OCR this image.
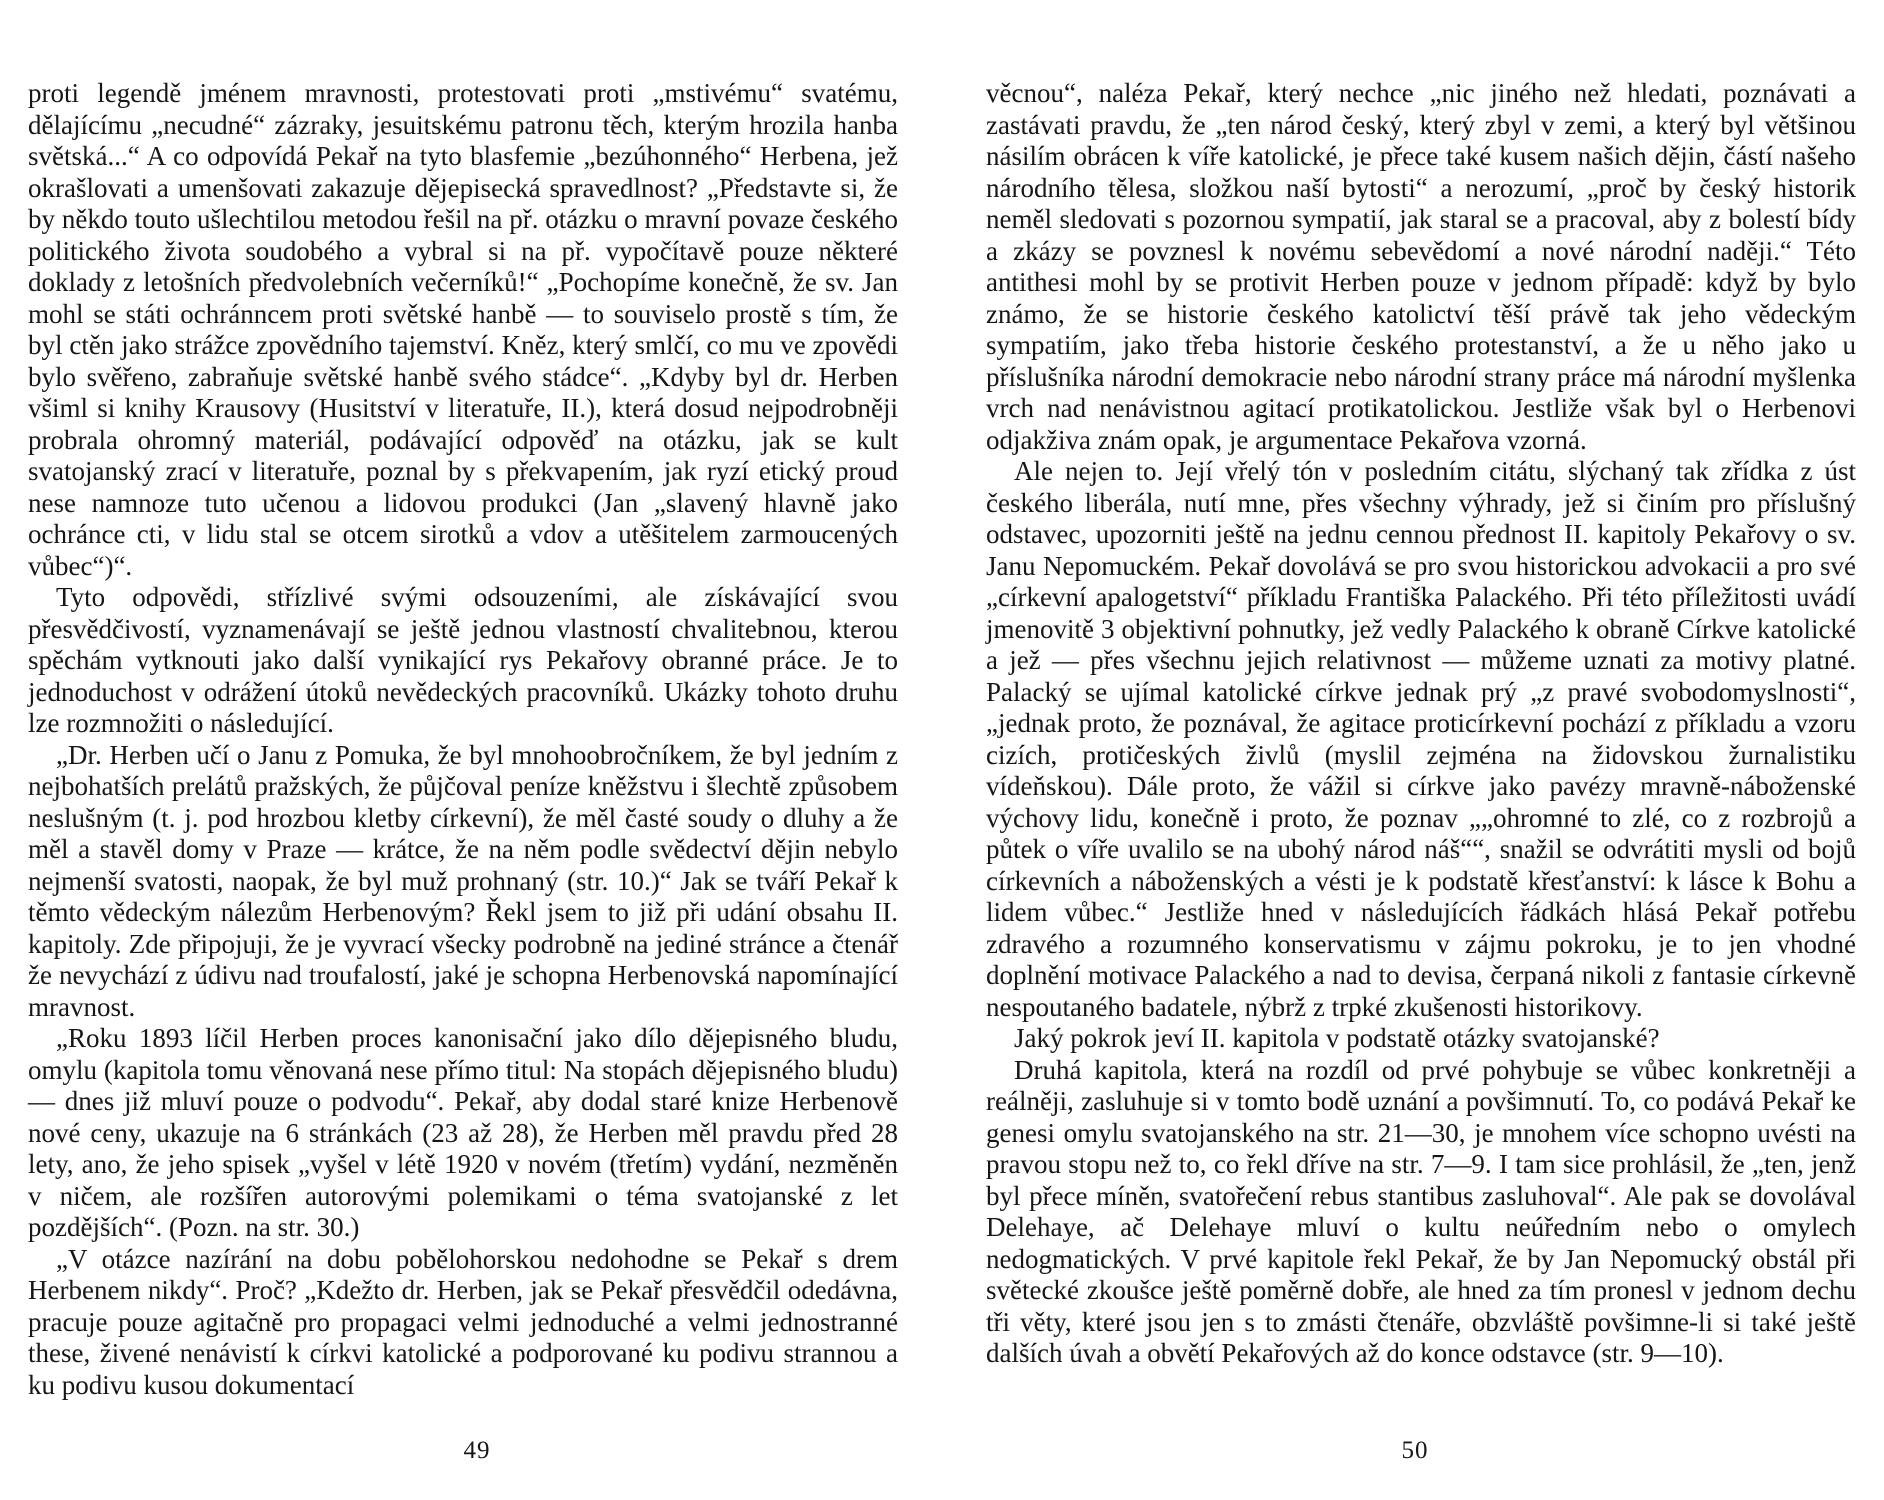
proti legendě jménem mravnosti, protestovati proti „mstivému“ svatému, dělajícímu „necudné“ zázraky, jesuitskému patronu těch, kterým hrozila hanba světská...“ A co odpovídá Pekař na tyto blasfemie „bezúhonného“ Herbena, jež okrašlovati a umenšovati zakazuje dějepisecká spravedlnost? „Představte si, že by někdo touto ušlechtilou metodou řešil na př. otázku o mravní povaze českého politického života soudobého a vybral si na př. vypočítavě pouze některé doklady z letošních předvolebních večerníků!“ „Pochopíme konečně, že sv. Jan mohl se státi ochránncem proti světské hanbě — to souviselo prostě s tím, že byl ctěn jako strážce zpovědního tajemství. Kněz, který smlčí, co mu ve zpovědi bylo svěřeno, zabraňuje světské hanbě svého stádce“. „Kdyby byl dr. Herben všiml si knihy Krausovy (Husitství v literatuře, II.), která dosud nejpodrobněji probrala ohromný materiál, podávající odpověď na otázku, jak se kult svatojanský zrací v literatuře, poznal by s překvapením, jak ryzí etický proud nese namnoze tuto učenou a lidovou produkci (Jan „slavený hlavně jako ochránce cti, v lidu stal se otcem sirotků a vdov a utěšitelem zarmoucených vůbec“)“.

Tyto odpovědi, střízlivé svými odsouzeními, ale získávající svou přesvědčivostí, vyznamenávají se ještě jednou vlastností chvalitebnou, kterou spěchám vytknouti jako další vynikající rys Pekařovy obranné práce. Je to jednoduchost v odrážení útoků nevědeckých pracovníků. Ukázky tohoto druhu lze rozmnožiti o následující.

„Dr. Herben učí o Janu z Pomuka, že byl mnohoobročníkem, že byl jedním z nejbohatších prelátů pražských, že půjčoval peníze kněžstvu i šlechtě způsobem neslušným (t. j. pod hrozbou kletby církevní), že měl časté soudy o dluhy a že měl a stavěl domy v Praze — krátce, že na něm podle svědectví dějin nebylo nejmenší svatosti, naopak, že byl muž prohnaný (str. 10.)“ Jak se tváří Pekař k těmto vědeckým nálezům Herbenovým? Řekl jsem to již při udání obsahu II. kapitoly. Zde připojuji, že je vyvrací všecky podrobně na jediné stránce a čtenář že nevychází z údivu nad troufalostí, jaké je schopna Herbenovská napomínající mravnost.

„Roku 1893 líčil Herben proces kanonisační jako dílo dějepisného bludu, omylu (kapitola tomu věnovaná nese přímo titul: Na stopách dějepisného bludu) — dnes již mluví pouze o podvodu“. Pekař, aby dodal staré knize Herbenově nové ceny, ukazuje na 6 stránkách (23 až 28), že Herben měl pravdu před 28 lety, ano, že jeho spisek „vyšel v létě 1920 v novém (třetím) vydání, nezměněn v ničem, ale rozšířen autorovými polemikami o téma svatojanské z let pozdějších“. (Pozn. na str. 30.)

„V otázce nazírání na dobu pobělohorskou nedohodne se Pekař s drem Herbenem nikdy“. Proč? „Kdežto dr. Herben, jak se Pekař přesvědčil odedávna, pracuje pouze agitačně pro propagaci velmi jednoduché a velmi jednostranné these, živené nenávistí k církvi katolické a podporované ku podivu strannou a ku podivu kusou dokumentací

49

věcnou“, naléza Pekař, který nechce „nic jiného než hledati, poznávati a zastávati pravdu, že „ten národ český, který zbyl v zemi, a který byl většinou násilím obrácen k víře katolické, je přece také kusem našich dějin, částí našeho národního tělesa, složkou naší bytosti“ a nerozumí, „proč by český historik neměl sledovati s pozornou sympatií, jak staral se a pracoval, aby z bolestí bídy a zkázy se povznesl k novému sebevědomí a nové národní naději.“ Této antithesi mohl by se protivit Herben pouze v jednom případě: když by bylo známo, že se historie českého katolictví těší právě tak jeho vědeckým sympatiím, jako třeba historie českého protestanství, a že u něho jako u příslušníka národní demokracie nebo národní strany práce má národní myšlenka vrch nad nenávistnou agitací protikatolickou. Jestliže však byl o Herbenovi odjakživa znám opak, je argumentace Pekařova vzorná.

Ale nejen to. Její vřelý tón v posledním citátu, slýchaný tak zřídka z úst českého liberála, nutí mne, přes všechny výhrady, jež si činím pro příslušný odstavec, upozorniti ještě na jednu cennou přednost II. kapitoly Pekařovy o sv. Janu Nepomuckém. Pekař dovolává se pro svou historickou advokacii a pro své „církevní apalogetství“ příkladu Františka Palackého. Při této příležitosti uvádí jmenovitě 3 objektivní pohnutky, jež vedly Palackého k obraně Církve katolické a jež — přes všechnu jejich relativnost — můžeme uznati za motivy platné. Palacký se ujímal katolické církve jednak prý „z pravé svobodomyslnosti“, „jednak proto, že poznával, že agitace proticírkevní pochází z příkladu a vzoru cizích, protičeských živlů (myslil zejména na židovskou žurnalistiku vídeňskou). Dále proto, že vážil si církve jako pavézy mravně-náboženské výchovy lidu, konečně i proto, že poznav „„ohromné to zlé, co z rozbrojů a půtek o víře uvalilo se na ubohý národ náš““, snažil se odvrátiti mysli od bojů církevních a náboženských a vésti je k podstatě křesťanství: k lásce k Bohu a lidem vůbec.“ Jestliže hned v následujících řádkách hlásá Pekař potřebu zdravého a rozumného konservatismu v zájmu pokroku, je to jen vhodné doplnění motivace Palackého a nad to devisa, čerpaná nikoli z fantasie církevně nespoutaného badatele, nýbrž z trpké zkušenosti historikovy.

Jaký pokrok jeví II. kapitola v podstatě otázky svatojanské?

Druhá kapitola, která na rozdíl od prvé pohybuje se vůbec konkretněji a reálněji, zasluhuje si v tomto bodě uznání a povšimnutí. To, co podává Pekař ke genesi omylu svatojanského na str. 21—30, je mnohem více schopno uvésti na pravou stopu než to, co řekl dříve na str. 7—9. I tam sice prohlásil, že „ten, jenž byl přece míněn, svatořečení rebus stantibus zasluhoval“. Ale pak se dovolával Delehaye, ač Delehaye mluví o kultu neúředním nebo o omylech nedogmatických. V prvé kapitole řekl Pekař, že by Jan Nepomucký obstál při světecké zkoušce ještě poměrně dobře, ale hned za tím pronesl v jednom dechu tři věty, které jsou jen s to zmásti čtenáře, obzvláště povšimne-li si také ještě dalších úvah a obvětí Pekařových až do konce odstavce (str. 9—10).

50
